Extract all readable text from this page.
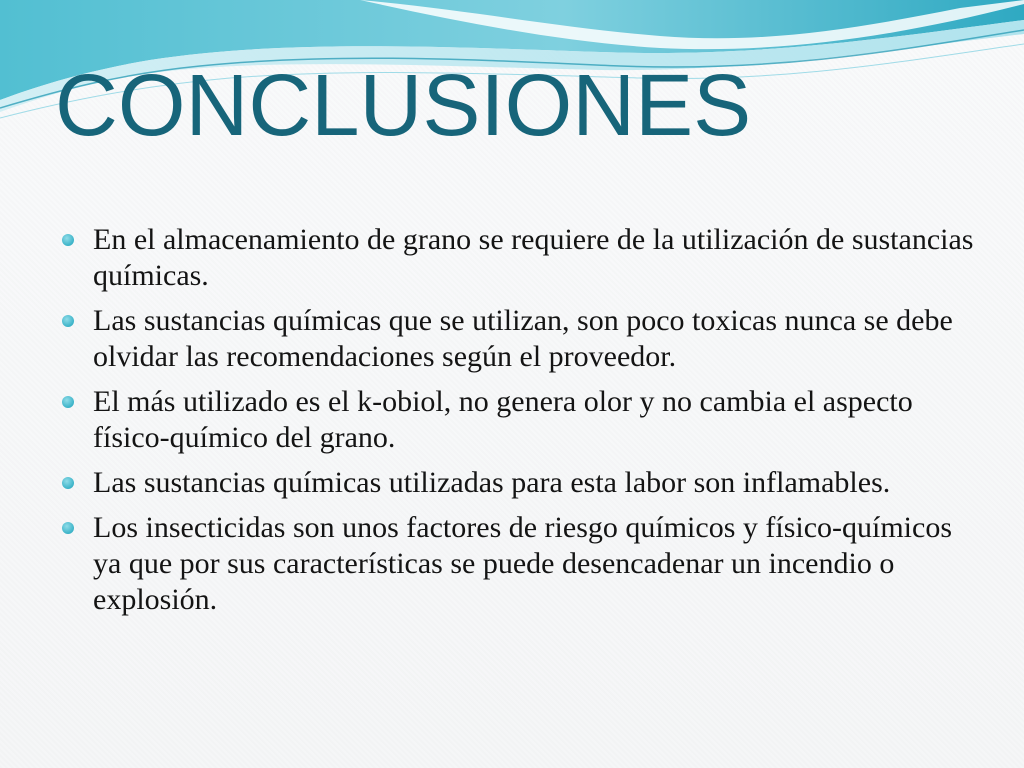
CONCLUSIONES
En el almacenamiento de grano se requiere de la utilización de sustancias químicas.
Las sustancias químicas que se utilizan, son poco toxicas nunca se debe olvidar las recomendaciones según el proveedor.
El más utilizado es el k-obiol, no genera olor y no cambia el aspecto físico-químico del grano.
Las sustancias químicas utilizadas para esta labor son inflamables.
Los insecticidas son unos factores de riesgo químicos y físico-químicos ya que por sus características se puede desencadenar un incendio o explosión.
